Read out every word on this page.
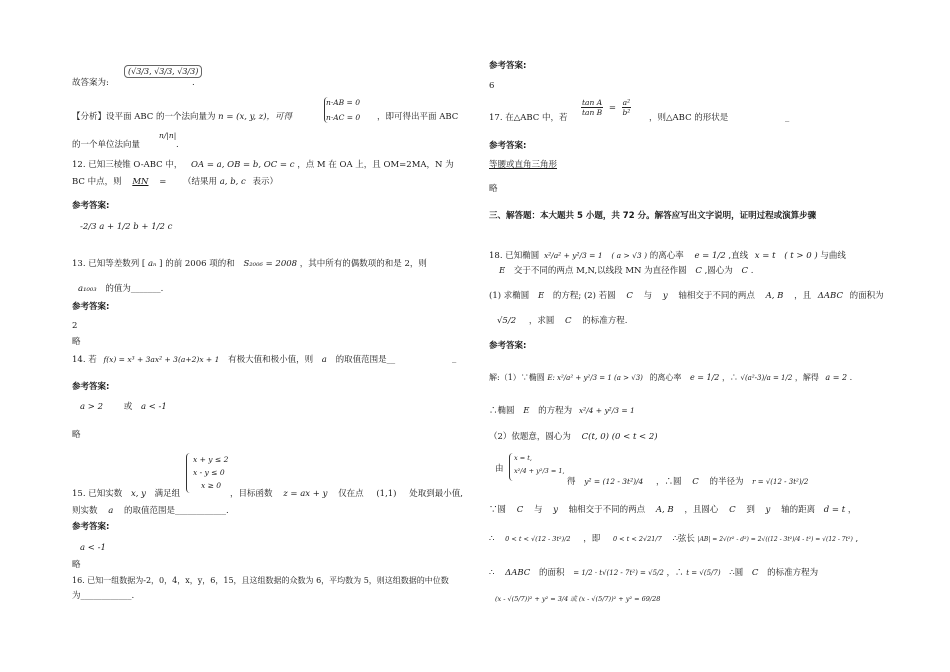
故答案为:
(√3/3, √3/3, √3/3)
.
【分析】设平面 ABC 的一个法向量为 n = (x, y, z)，可得
n·AB = 0
n·AC = 0 ，即可得出平面 ABC
的一个单位法向量
n/|n|
.
12. 已知三棱锥 O-ABC 中， OA = a, OB = b, OC = c ，点 M 在 OA 上，且 OM=2MA，N 为
BC 中点，则 MN = （结果用 a, b, c 表示）
参考答案:
-2/3 a + 1/2 b + 1/2 c
13. 已知等差数列 [ aₙ ] 的前 2006 项的和 S₂₀₀₆ = 2008 ，其中所有的偶数项的和是 2，则
a₁₀₀₃ 的值为_______.
参考答案:
2
略
14. 若 f(x) = x³ + 3ax² + 3(a+2)x + 1 有极大值和极小值，则 a 的取值范围是__	_
参考答案:
a > 2 或 a < -1
略
x + y ≤ 2
x - y ≤ 0
x ≥ 0
15. 已知实数 x, y 满足组	，目标函数 z = ax + y 仅在点 (1,1) 处取到最小值,
则实数 a 的取值范围是____________.
参考答案:
a < -1
略
16. 已知一组数据为-2，0，4，x，y，6，15，且这组数据的众数为 6，平均数为 5，则这组数据的中位数
为____________.
参考答案:
6
17. 在△ABC 中，若
$\frac{\text{tan A}}{\text{tan B}} = \frac{\text{a²}}{\text{b²}}$
，则△ABC 的形状是	_
参考答案:
等腰或直角三角形
略
三、解答题：本大题共 5 小题，共 72 分。解答应写出文字说明，证明过程或演算步骤
18. 已知椭圆 x²/a² + y²/3 = 1 ( a > √3 ) 的离心率 e = 1/2 ,直线 x = t ( t > 0 ) 与曲线
E 交于不同的两点 M,N,以线段 MN 为直径作圆 C ,圆心为 C .
(1) 求椭圆 E 的方程; (2) 若圆 C 与 y 轴相交于不同的两点 A, B ，且 ΔABC 的面积为
√5/2 ，求圆 C 的标准方程.
参考答案:
解:（1）∵椭圆 E: x²/a² + y²/3 = 1 (a > √3) 的离心率 e = 1/2 ，∴ √(a²-3)/a = 1/2 ，解得 a = 2 .
∴椭圆 E 的方程为 x²/4 + y²/3 = 1
（2）依题意，圆心为 C(t, 0) (0 < t < 2)
x = t,
x²/4 + y²/3 = 1,
由
得 y² = (12 - 3t²)/4 ，∴圆 C 的半径为 r = √(12 - 3t²)/2
∵圆 C 与 y 轴相交于不同的两点 A, B ，且圆心 C 到 y 轴的距离 d = t ，
∴ 0 < t < √(12 - 3t²)/2 ，即 0 < t < 2√21/7 ∴弦长 |AB| = 2√(r² - d²) = 2√((12 - 3t²)/4 - t²) = √(12 - 7t²) ,
∴ ΔABC 的面积 = 1/2 · t√(12 - 7t²) = √5/2 ，∴ t = √(5/7) ∴圆 C 的标准方程为
(x - √(5/7))² + y² = 3/4 或 (x - √(5/7))² + y² = 69/28
